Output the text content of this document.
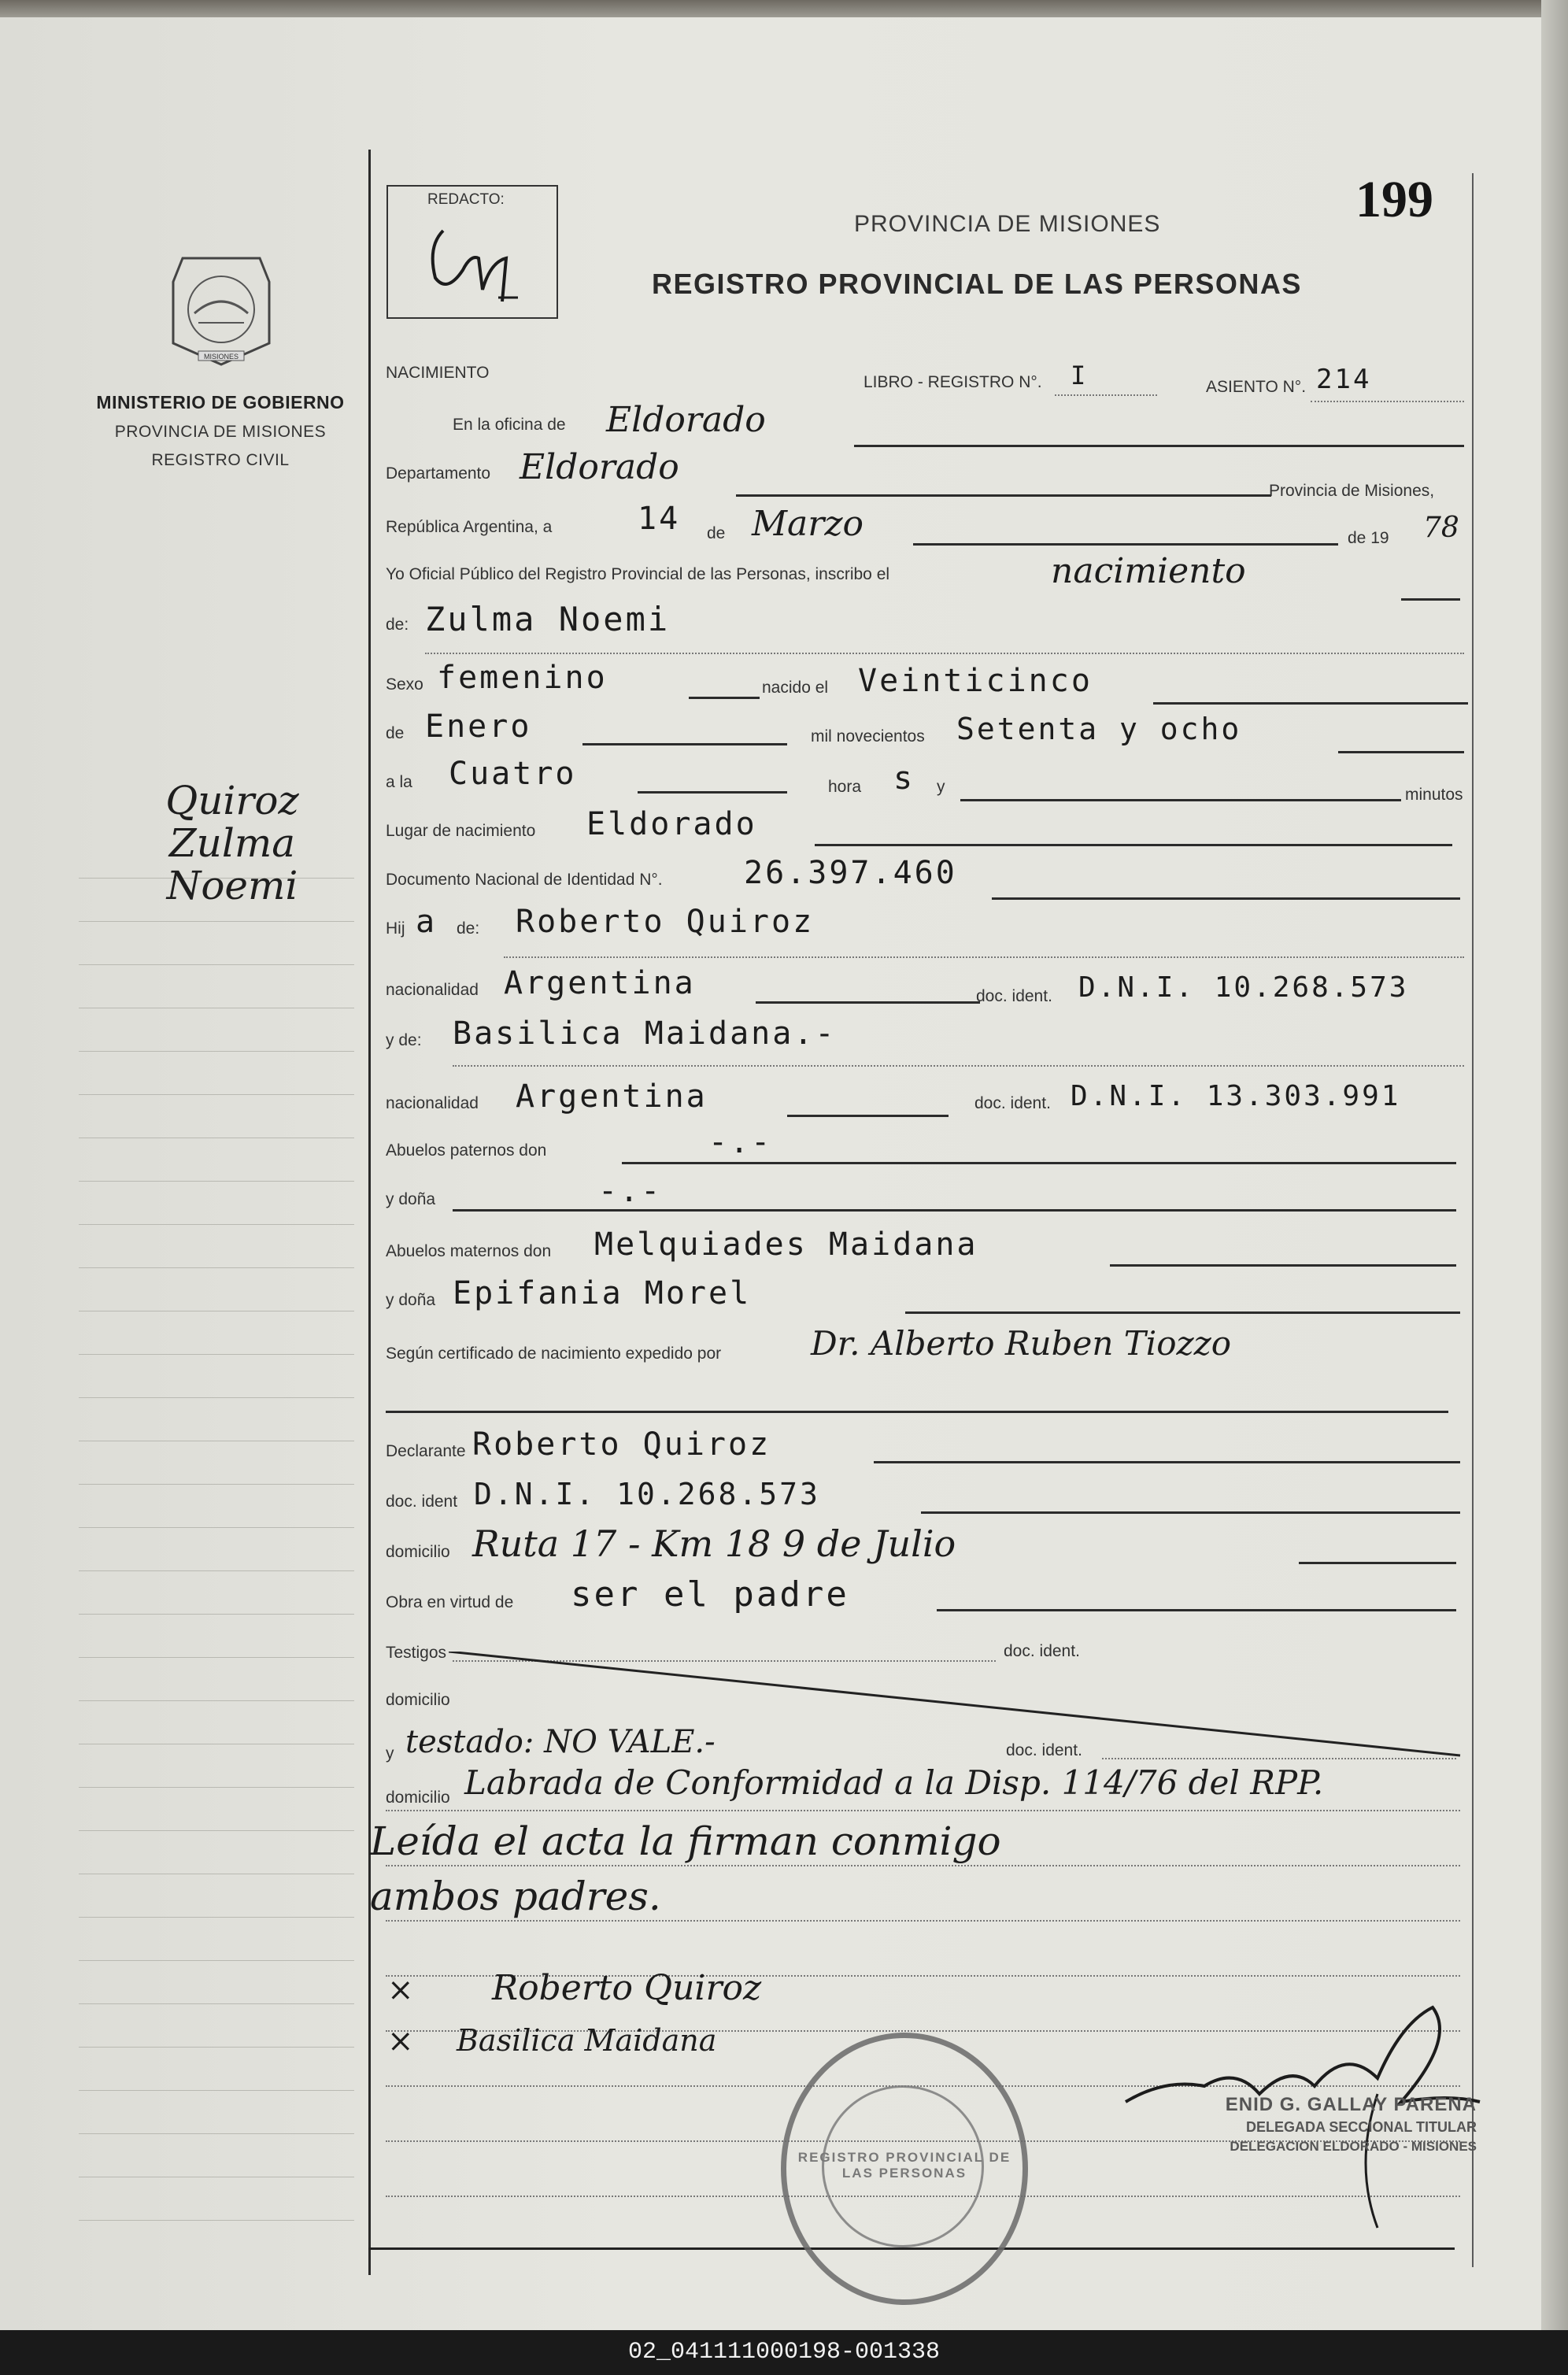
MISIONES
MINISTERIO DE GOBIERNO
PROVINCIA DE MISIONES
REGISTRO CIVIL
Quiroz
Zulma
Noemi
REDACTO:
PROVINCIA DE MISIONES
REGISTRO PROVINCIAL DE LAS PERSONAS
199
NACIMIENTO
LIBRO - REGISTRO N°. I	ASIENTO N°. 214
En la oficina de Eldorado
Departamento Eldorado
Provincia de Misiones,
República Argentina, a	14 de Marzo	de 19 78
Yo Oficial Público del Registro Provincial de las Personas, inscribo el	nacimiento
de: Zulma Noemi
Sexo femenino	nacido el Veinticinco
de Enero	mil novecientos Setenta y ocho
a la Cuatro	hora s y	minutos
Lugar de nacimiento Eldorado
Documento Nacional de Identidad N°.	26.397.460
Hij a de: Roberto Quiroz
nacionalidad Argentina	doc. ident. D.N.I. 10.268.573
y de: Basilica Maidana.-
nacionalidad Argentina	doc. ident. D.N.I. 13.303.991
Abuelos paternos don	-.-
y doña	-.-
Abuelos maternos don Melquiades Maidana
y doña Epifania Morel
Según certificado de nacimiento expedido por	Dr. Alberto Ruben Tiozzo
Declarante Roberto Quiroz
doc. ident D.N.I. 10.268.573
domicilio Ruta 17 - Km 18 9 de Julio
Obra en virtud de ser el padre
Testigos	doc. ident.
domicilio
y testado: NO VALE.-	doc. ident.
domicilio Labrada de Conformidad a la Disp. 114/76 del RPP.
Leída el acta la firman conmigo
ambos padres.
× Roberto Quiroz
× Basilica Maidana
REGISTRO PROVINCIAL DE LAS PERSONAS
ENID G. GALLAY PARENA
DELEGADA SECCIONAL TITULAR
DELEGACION ELDORADO - MISIONES
02_041111000198-001338
